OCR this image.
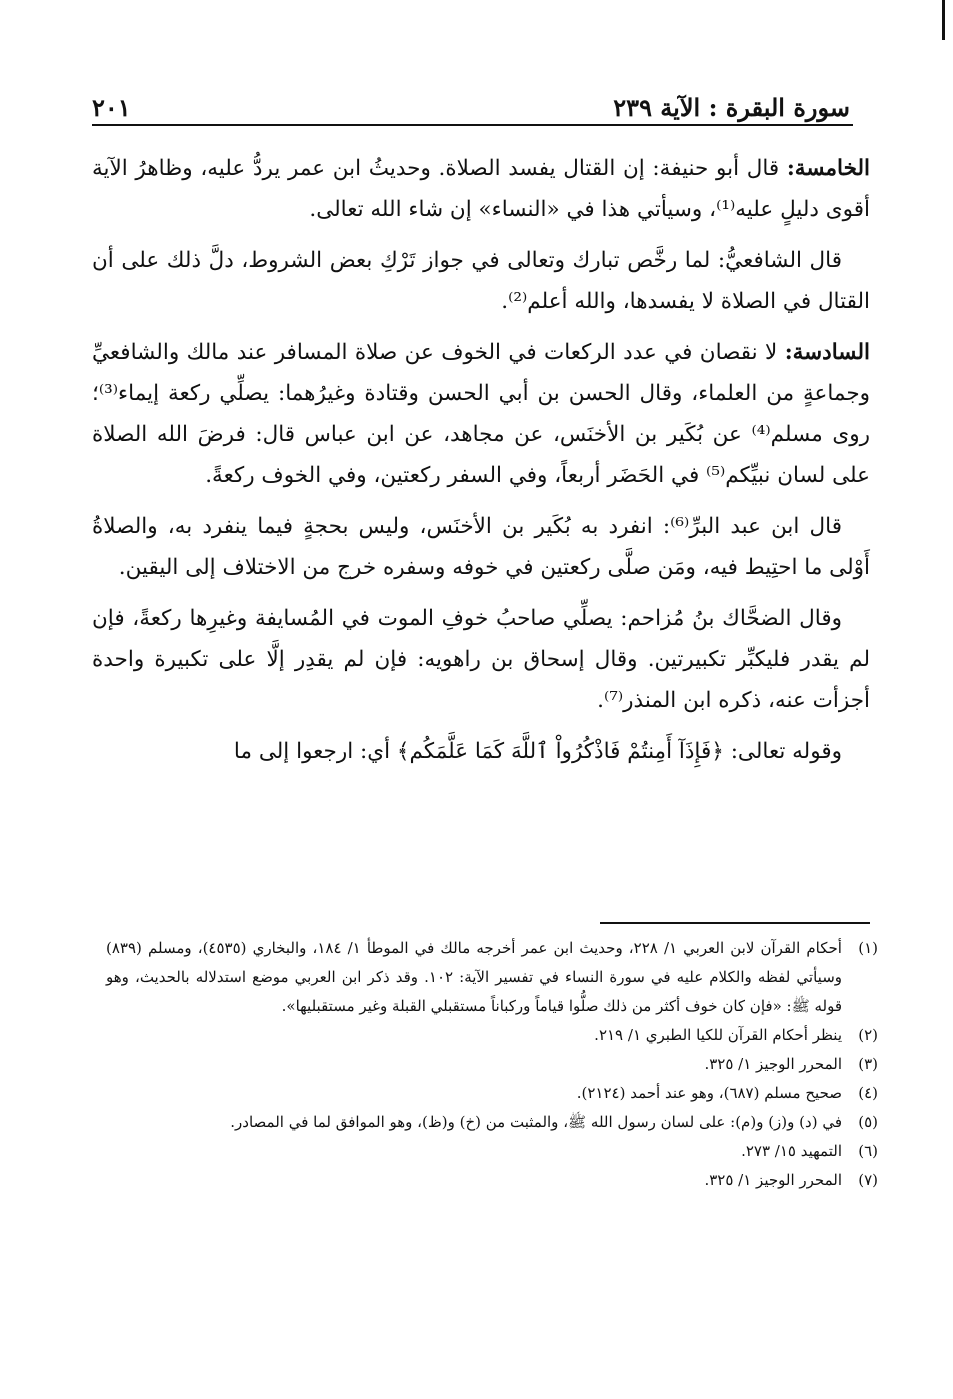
سورة البقرة : الآية ٢٣٩
٢٠١

الخامسة: قال أبو حنيفة: إن القتال يفسد الصلاة. وحديثُ ابن عمر يردُّ عليه، وظاهرُ الآية أقوى دليلٍ عليه⁽¹⁾، وسيأتي هذا في «النساء» إن شاء الله تعالى.

قال الشافعيُّ: لما رخَّص تبارك وتعالى في جواز تَرْكِ بعض الشروط، دلَّ ذلك على أن القتال في الصلاة لا يفسدها، والله أعلم⁽²⁾.

السادسة: لا نقصان في عدد الركعات في الخوف عن صلاة المسافر عند مالك والشافعيِّ وجماعةٍ من العلماء، وقال الحسن بن أبي الحسن وقتادة وغيرُهما: يصلِّي ركعة إيماء⁽³⁾؛ روى مسلم⁽⁴⁾ عن بُكَير بن الأخنَس، عن مجاهد، عن ابن عباس قال: فرضَ الله الصلاة على لسان نبيِّكم⁽⁵⁾ في الحَضَر أربعاً، وفي السفر ركعتين، وفي الخوف ركعةً.

قال ابن عبد البرِّ⁽⁶⁾: انفرد به بُكَير بن الأخنَس، وليس بحجةٍ فيما ينفرد به، والصلاةُ أَوْلى ما احتِيط فيه، ومَن صلَّى ركعتين في خوفه وسفره خرج من الاختلاف إلى اليقين.

وقال الضحَّاك بنُ مُزاحم: يصلِّي صاحبُ خوفِ الموت في المُسايفة وغيرِها ركعةً، فإن لم يقدر فليكبِّر تكبيرتين. وقال إسحاق بن راهويه: فإن لم يقدِر إلَّا على تكبيرة واحدة أجزأت عنه، ذكره ابن المنذر⁽⁷⁾.

وقوله تعالى: ﴿فَإِذَآ أَمِنتُمْ فَاذْكُرُواْ ٱللَّهَ كَمَا عَلَّمَكُم﴾ أي: ارجعوا إلى ما

(١)
أحكام القرآن لابن العربي ١/ ٢٢٨، وحديث ابن عمر أخرجه مالك في الموطأ ١/ ١٨٤، والبخاري (٤٥٣٥)، ومسلم (٨٣٩) وسيأتي لفظه والكلام عليه في سورة النساء في تفسير الآية: ١٠٢. وقد ذكر ابن العربي موضع استدلاله بالحديث، وهو قوله ﷺ: «فإن كان خوف أكثر من ذلك صلُّوا قياماً وركباناً مستقبلي القبلة وغير مستقبليها».
(٢)
ينظر أحكام القرآن للكيا الطبري ١/ ٢١٩.
(٣)
المحرر الوجيز ١/ ٣٢٥.
(٤)
صحيح مسلم (٦٨٧)، وهو عند أحمد (٢١٢٤).
(٥)
في (د) و(ز) و(م): على لسان رسول الله ﷺ، والمثبت من (خ) و(ظ)، وهو الموافق لما في المصادر.
(٦)
التمهيد ١٥/ ٢٧٣.
(٧)
المحرر الوجيز ١/ ٣٢٥.
